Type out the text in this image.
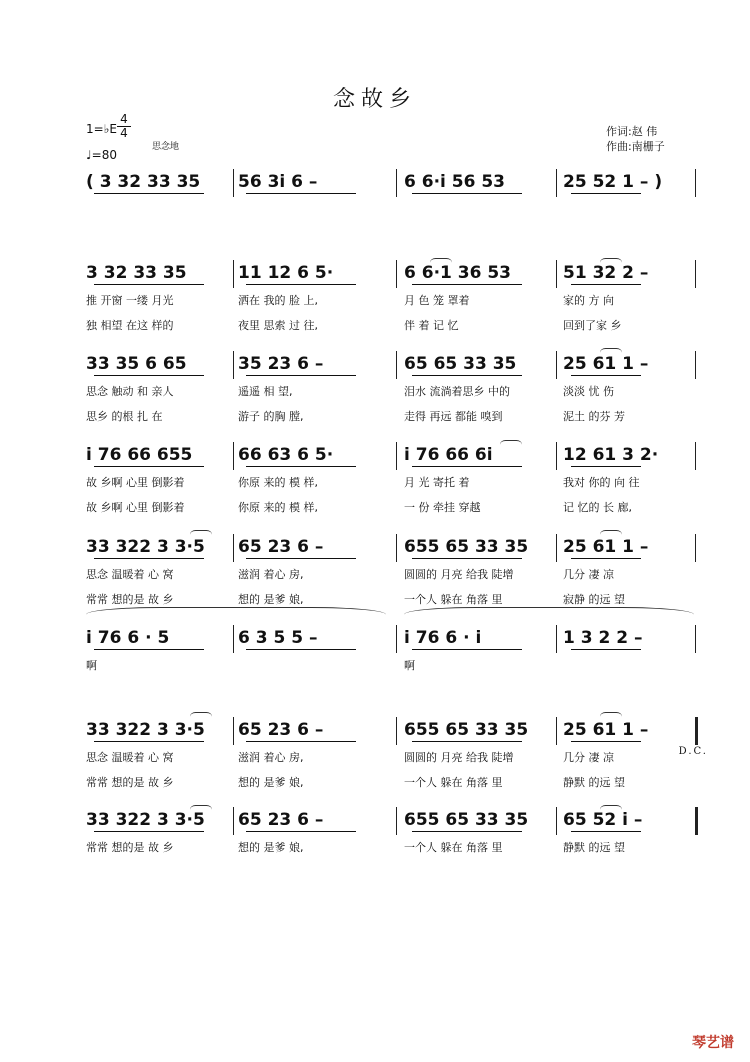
念故乡
1=♭E
4
4
♩=80
思念地
作词:赵 伟
作曲:南栅子
( 3 32 33 35 56 3i 6 –	6 6·i 56 53	25 52 1 – )
3 32 33 35
推 开窗 一缕 月光
独 相望 在这 样的
11 12 6 5·
洒在 我的 脸 上,
夜里 思索 过 往,
6 6·1 36 53
月 色 笼 罩着
伴 着 记 忆
51 32 2 –
家的 方 向
回到了家 乡
33 35 6 65
思念 触动 和 亲人
思乡 的根 扎 在
35 23 6 –
遥遥 相 望,
游子 的胸 膛,
65 65 33 35
泪水 流淌着思乡 中的
走得 再远 都能 嗅到
25 61 1 –
淡淡 忧 伤
泥土 的芬 芳
i 76 66 655
故 乡啊 心里 倒影着
故 乡啊 心里 倒影着
66 63 6 5·
你原 来的 模 样,
你原 来的 模 样,
i 76 66 6i
月 光 寄托 着
一 份 牵挂 穿越
12 61 3 2·
我对 你的 向 往
记 忆的 长 廊,
33 322 3 3·5
思念 温暖着 心 窝
常常 想的是 故 乡
65 23 6 –
滋润 着心 房,
想的 是爹 娘,
655 65 33 35
圆圆的 月亮 给我 陡增
一个人 躲在 角落 里
25 61 1 –
几分 凄 凉
寂静 的远 望
i 76 6 · 5
啊
6 3 5 5 –	i 76 6 · i
啊
1 3 2 2 –
33 322 3 3·5
思念 温暖着 心 窝
常常 想的是 故 乡
65 23 6 –
滋润 着心 房,
想的 是爹 娘,
655 65 33 35
圆圆的 月亮 给我 陡增
一个人 躲在 角落 里
25 61 1 –
几分 凄 凉
静默 的远 望
33 322 3 3·5
常常 想的是 故 乡
65 23 6 –
想的 是爹 娘,
655 65 33 35
一个人 躲在 角落 里
65 52 i –
静默 的远 望
D.C.
琴艺谱
